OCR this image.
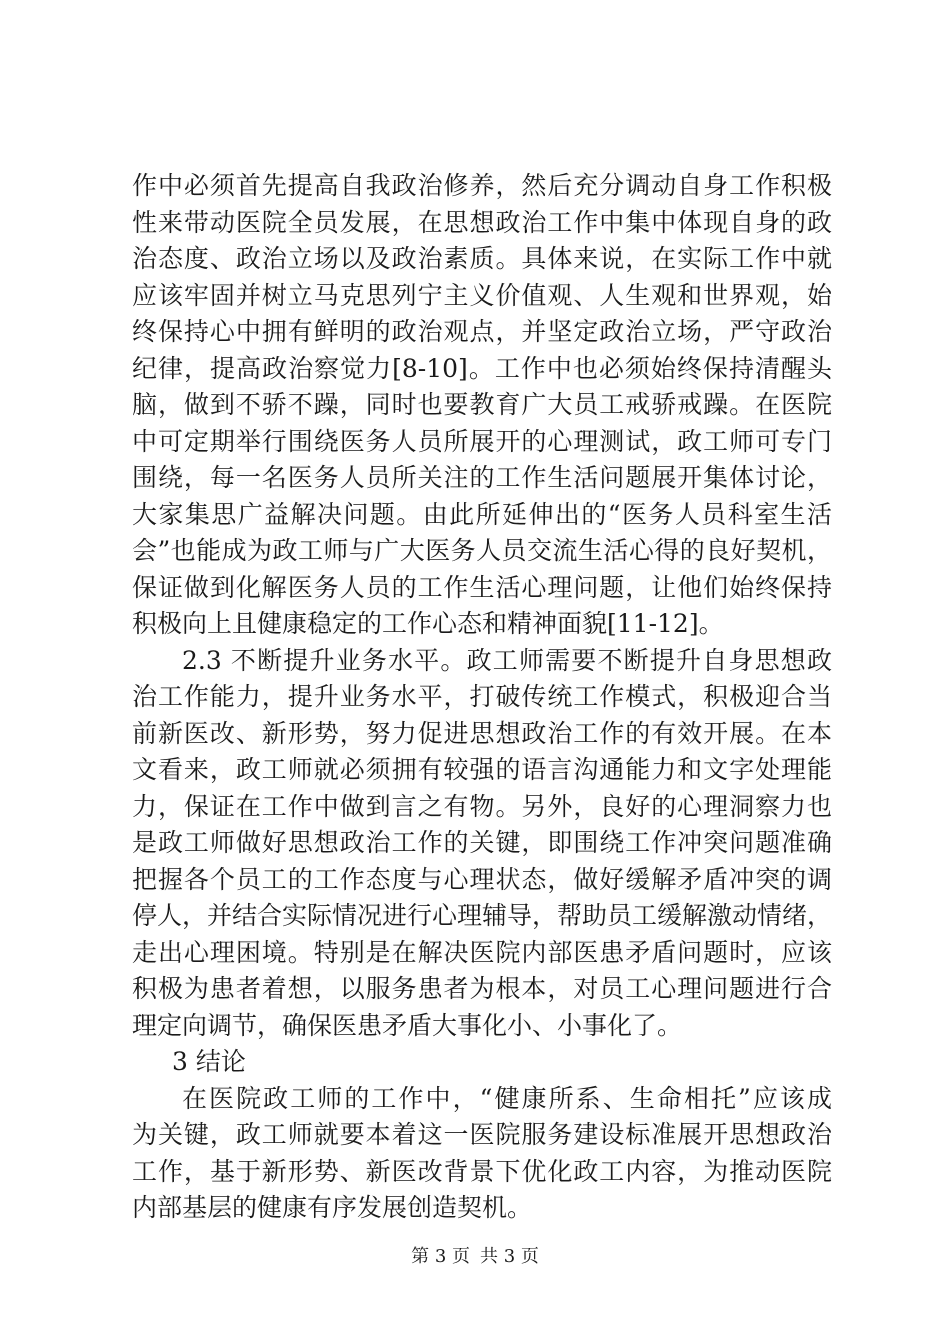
作中必须首先提高自我政治修养，然后充分调动自身工作积极
性来带动医院全员发展，在思想政治工作中集中体现自身的政
治态度、政治立场以及政治素质。具体来说，在实际工作中就
应该牢固并树立马克思列宁主义价值观、人生观和世界观，始
终保持心中拥有鲜明的政治观点，并坚定政治立场，严守政治
纪律，提高政治察觉力[8-10]。工作中也必须始终保持清醒头
脑，做到不骄不躁，同时也要教育广大员工戒骄戒躁。在医院
中可定期举行围绕医务人员所展开的心理测试，政工师可专门
围绕，每一名医务人员所关注的工作生活问题展开集体讨论，
大家集思广益解决问题。由此所延伸出的“医务人员科室生活
会”也能成为政工师与广大医务人员交流生活心得的良好契机，
保证做到化解医务人员的工作生活心理问题，让他们始终保持
积极向上且健康稳定的工作心态和精神面貌[11-12]。
2.3 不断提升业务水平。政工师需要不断提升自身思想政
治工作能力，提升业务水平，打破传统工作模式，积极迎合当
前新医改、新形势，努力促进思想政治工作的有效开展。在本
文看来，政工师就必须拥有较强的语言沟通能力和文字处理能
力，保证在工作中做到言之有物。另外，良好的心理洞察力也
是政工师做好思想政治工作的关键，即围绕工作冲突问题准确
把握各个员工的工作态度与心理状态，做好缓解矛盾冲突的调
停人，并结合实际情况进行心理辅导，帮助员工缓解激动情绪，
走出心理困境。特别是在解决医院内部医患矛盾问题时，应该
积极为患者着想，以服务患者为根本，对员工心理问题进行合
理定向调节，确保医患矛盾大事化小、小事化了。
3 结论
在医院政工师的工作中，“健康所系、生命相托”应该成
为关键，政工师就要本着这一医院服务建设标准展开思想政治
工作，基于新形势、新医改背景下优化政工内容，为推动医院
内部基层的健康有序发展创造契机。
第 3 页 共 3 页
